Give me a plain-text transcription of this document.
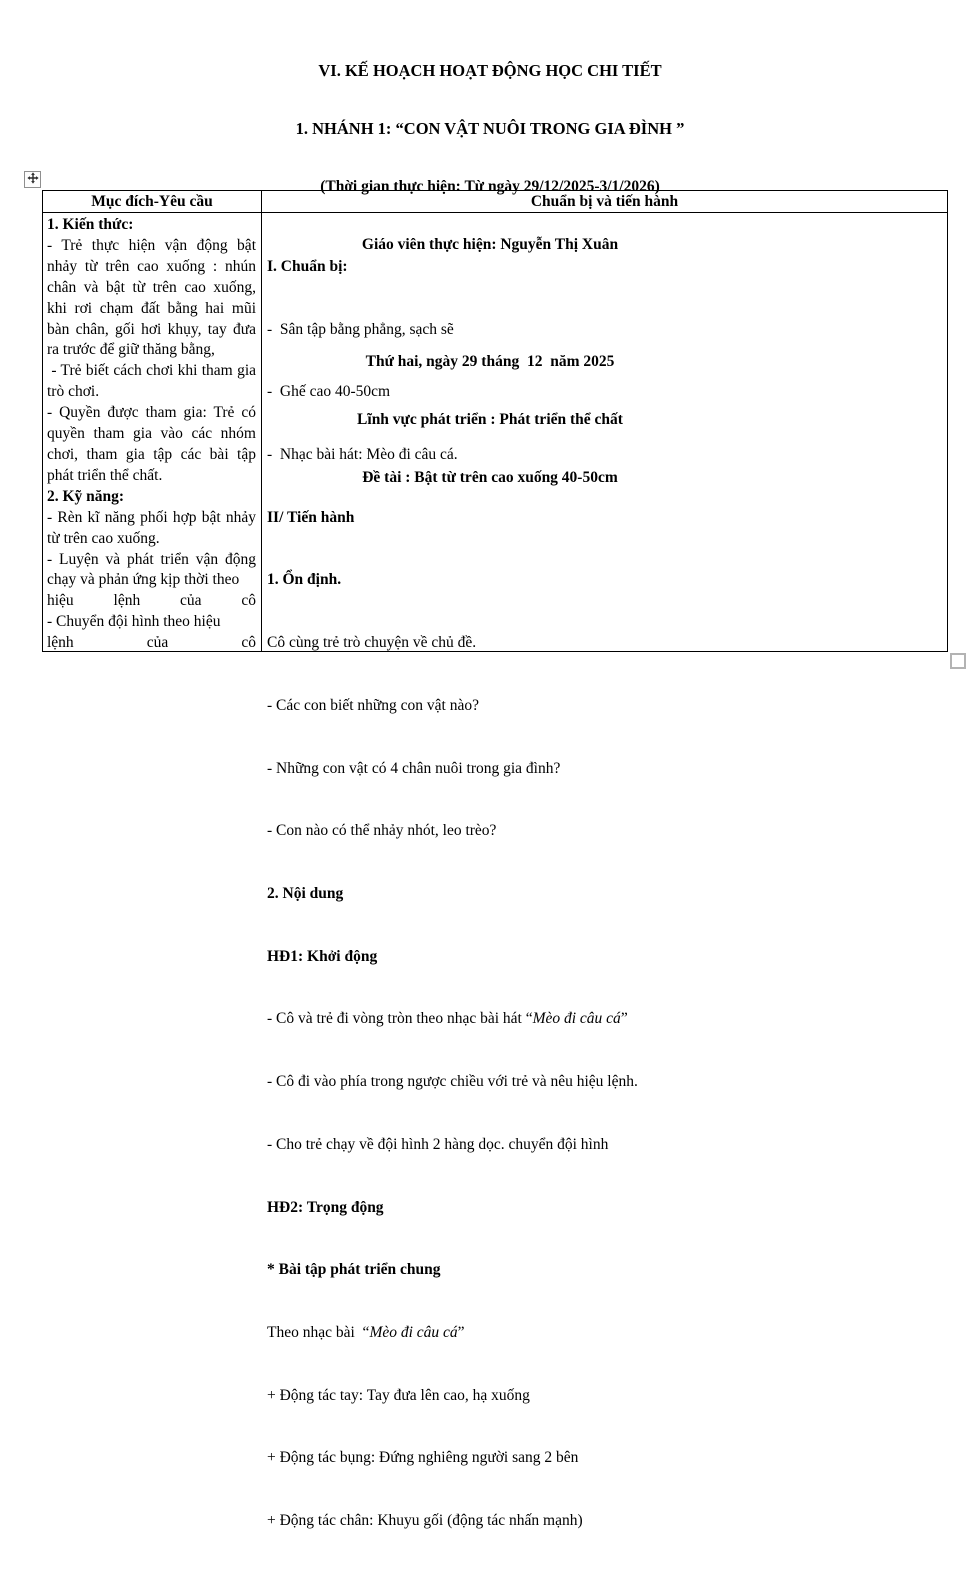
VI. KẾ HOẠCH HOẠT ĐỘNG HỌC CHI TIẾT

1. NHÁNH 1: “CON VẬT NUÔI TRONG GIA ĐÌNH ”

(Thời gian thực hiện: Từ ngày 29/12/2025-3/1/2026)

Giáo viên thực hiện: Nguyễn Thị Xuân

Thứ hai, ngày 29 tháng  12  năm 2025

Lĩnh vực phát triển : Phát triển thể chất

Đề tài : Bật từ trên cao xuống 40-50cm

Mục đích-Yêu cầu	Chuẩn bị và tiến hành
1. Kiến thức:
- Trẻ thực hiện vận động bật nhảy từ trên cao xuống : nhún chân và bật từ trên cao xuống, khi rơi chạm đất bằng hai mũi bàn chân, gối hơi khụy, tay đưa ra trước để giữ thăng bằng,
- Trẻ biết cách chơi khi tham gia trò chơi.
- Quyền được tham gia: Trẻ có quyền tham gia vào các nhóm chơi, tham gia tập các bài tập phát triển thể chất.
2. Kỹ năng:
- Rèn kĩ năng phối hợp bật nhảy từ trên cao xuống.
- Luyện và phát triển vận động chạy và phản ứng kịp thời theo
hiệu lệnh của cô
- Chuyển đội hình theo hiệu
lệnh của cô

I. Chuẩn bị:

-  Sân tập bằng phẳng, sạch sẽ

-  Ghế cao 40-50cm

-  Nhạc bài hát: Mèo đi câu cá.

II/ Tiến hành

1. Ổn định.

Cô cùng trẻ trò chuyện về chủ đề.

- Các con biết những con vật nào?

- Những con vật có 4 chân nuôi trong gia đình?

- Con nào có thể nhảy nhót, leo trèo?

2. Nội dung

HĐ1: Khởi động

- Cô và trẻ đi vòng tròn theo nhạc bài hát “Mèo đi câu cá”

- Cô đi vào phía trong ngược chiều với trẻ và nêu hiệu lệnh.

- Cho trẻ chạy về đội hình 2 hàng dọc. chuyển đội hình

HĐ2: Trọng động

* Bài tập phát triển chung

Theo nhạc bài  “Mèo đi câu cá”

+ Động tác tay: Tay đưa lên cao, hạ xuống

+ Động tác bụng: Đứng nghiêng người sang 2 bên

+ Động tác chân: Khuyu gối (động tác nhấn mạnh)
